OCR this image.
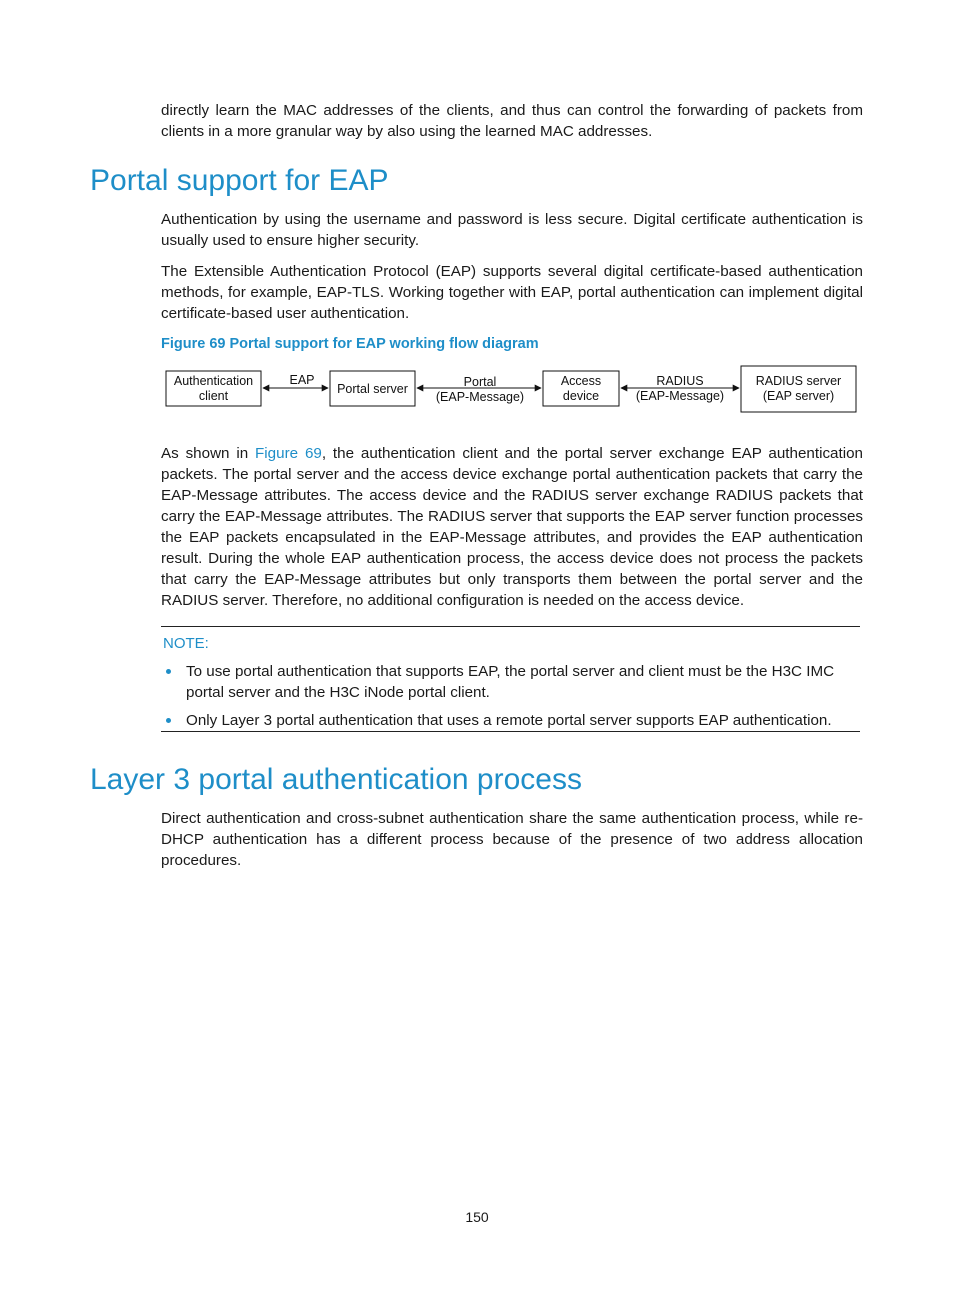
directly learn the MAC addresses of the clients, and thus can control the forwarding of packets from clients in a more granular way by also using the learned MAC addresses.

Portal support for EAP

Authentication by using the username and password is less secure. Digital certificate authentication is usually used to ensure higher security.

The Extensible Authentication Protocol (EAP) supports several digital certificate-based authentication methods, for example, EAP-TLS. Working together with EAP, portal authentication can implement digital certificate-based user authentication.

Figure 69 Portal support for EAP working flow diagram

Authentication
client
EAP
Portal server	Portal
(EAP-Message)
Access
device
RADIUS
(EAP-Message)
RADIUS server
(EAP server)

As shown in Figure 69, the authentication client and the portal server exchange EAP authentication packets. The portal server and the access device exchange portal authentication packets that carry the EAP-Message attributes. The access device and the RADIUS server exchange RADIUS packets that carry the EAP-Message attributes. The RADIUS server that supports the EAP server function processes the EAP packets encapsulated in the EAP-Message attributes, and provides the EAP authentication result. During the whole EAP authentication process, the access device does not process the packets that carry the EAP-Message attributes but only transports them between the portal server and the RADIUS server. Therefore, no additional configuration is needed on the access device.

NOTE:

To use portal authentication that supports EAP, the portal server and client must be the H3C IMC portal server and the H3C iNode portal client.

Only Layer 3 portal authentication that uses a remote portal server supports EAP authentication.

Layer 3 portal authentication process

Direct authentication and cross-subnet authentication share the same authentication process, while re-DHCP authentication has a different process because of the presence of two address allocation procedures.

150
